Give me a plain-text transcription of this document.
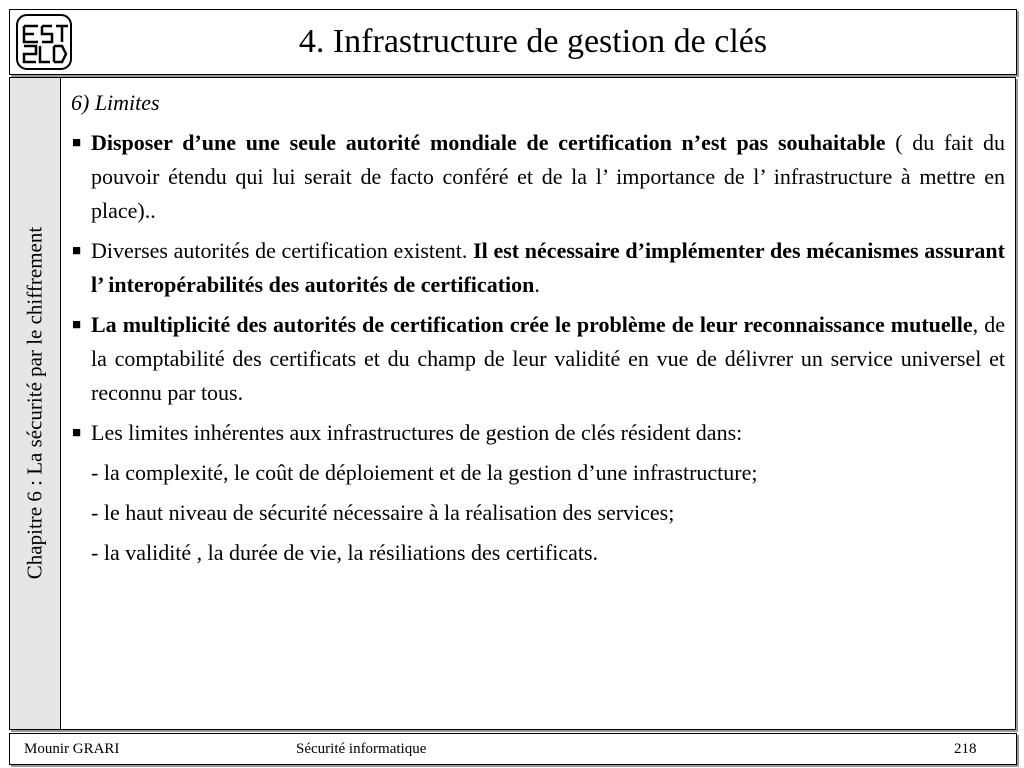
4. Infrastructure de gestion de clés
Chapitre 6 : La sécurité par le chiffrement
6) Limites
■ Disposer d’une une seule autorité mondiale de certification n’est pas souhaitable ( du fait du pouvoir étendu qui lui serait de facto conféré et de la l’ importance de l’ infrastructure à mettre en place)..
■ Diverses autorités de certification existent. Il est nécessaire d’implémenter des mécanismes assurant l’ interopérabilités des autorités de certification.
■ La multiplicité des autorités de certification crée le problème de leur reconnaissance mutuelle, de la comptabilité des certificats et du champ de leur validité en vue de délivrer un service universel et reconnu par tous.
■ Les limites inhérentes aux infrastructures de gestion de clés résident dans:
- la complexité, le coût de déploiement et de la gestion d’une infrastructure;
- le haut niveau de sécurité nécessaire à la réalisation des services;
- la validité , la durée de vie, la résiliations des certificats.
Mounir GRARI	Sécurité informatique	218
